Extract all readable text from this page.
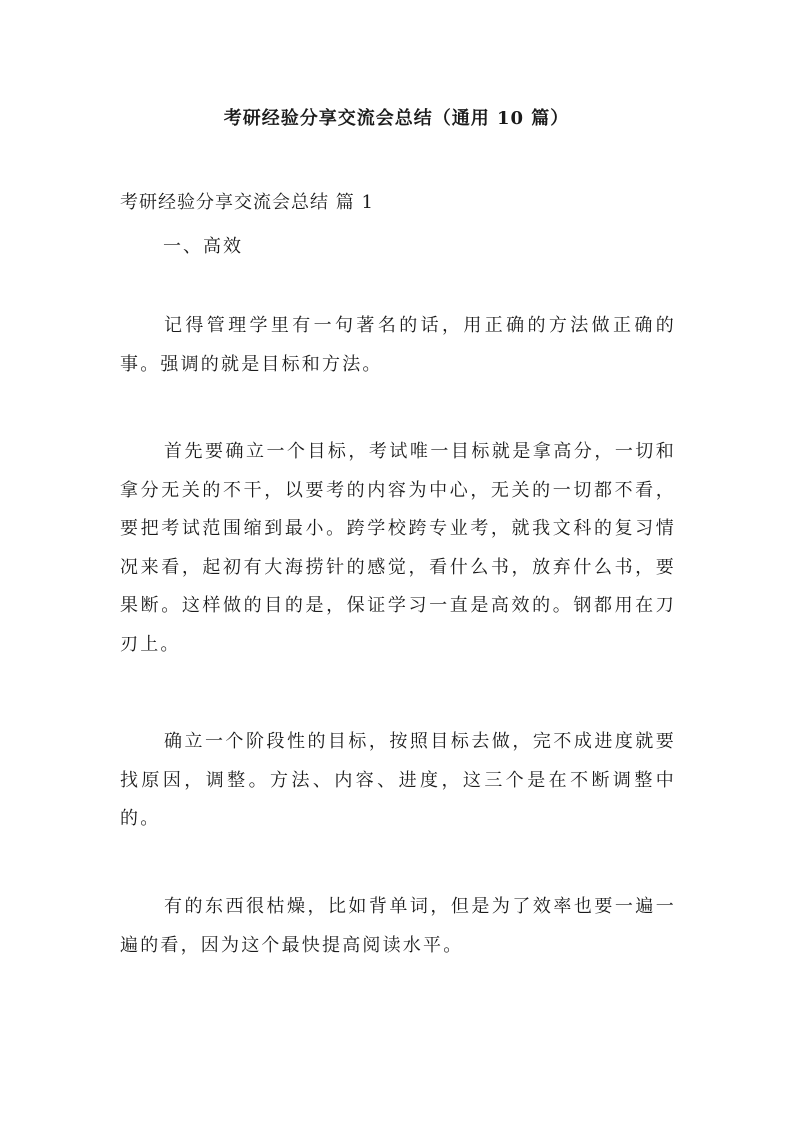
考研经验分享交流会总结（通用 10 篇）
考研经验分享交流会总结 篇 1
一、高效

记得管理学里有一句著名的话，用正确的方法做正确的事。强调的就是目标和方法。

首先要确立一个目标，考试唯一目标就是拿高分，一切和拿分无关的不干，以要考的内容为中心，无关的一切都不看，要把考试范围缩到最小。跨学校跨专业考，就我文科的复习情况来看，起初有大海捞针的感觉，看什么书，放弃什么书，要果断。这样做的目的是，保证学习一直是高效的。钢都用在刀刃上。

确立一个阶段性的目标，按照目标去做，完不成进度就要找原因，调整。方法、内容、进度，这三个是在不断调整中的。

有的东西很枯燥，比如背单词，但是为了效率也要一遍一遍的看，因为这个最快提高阅读水平。
